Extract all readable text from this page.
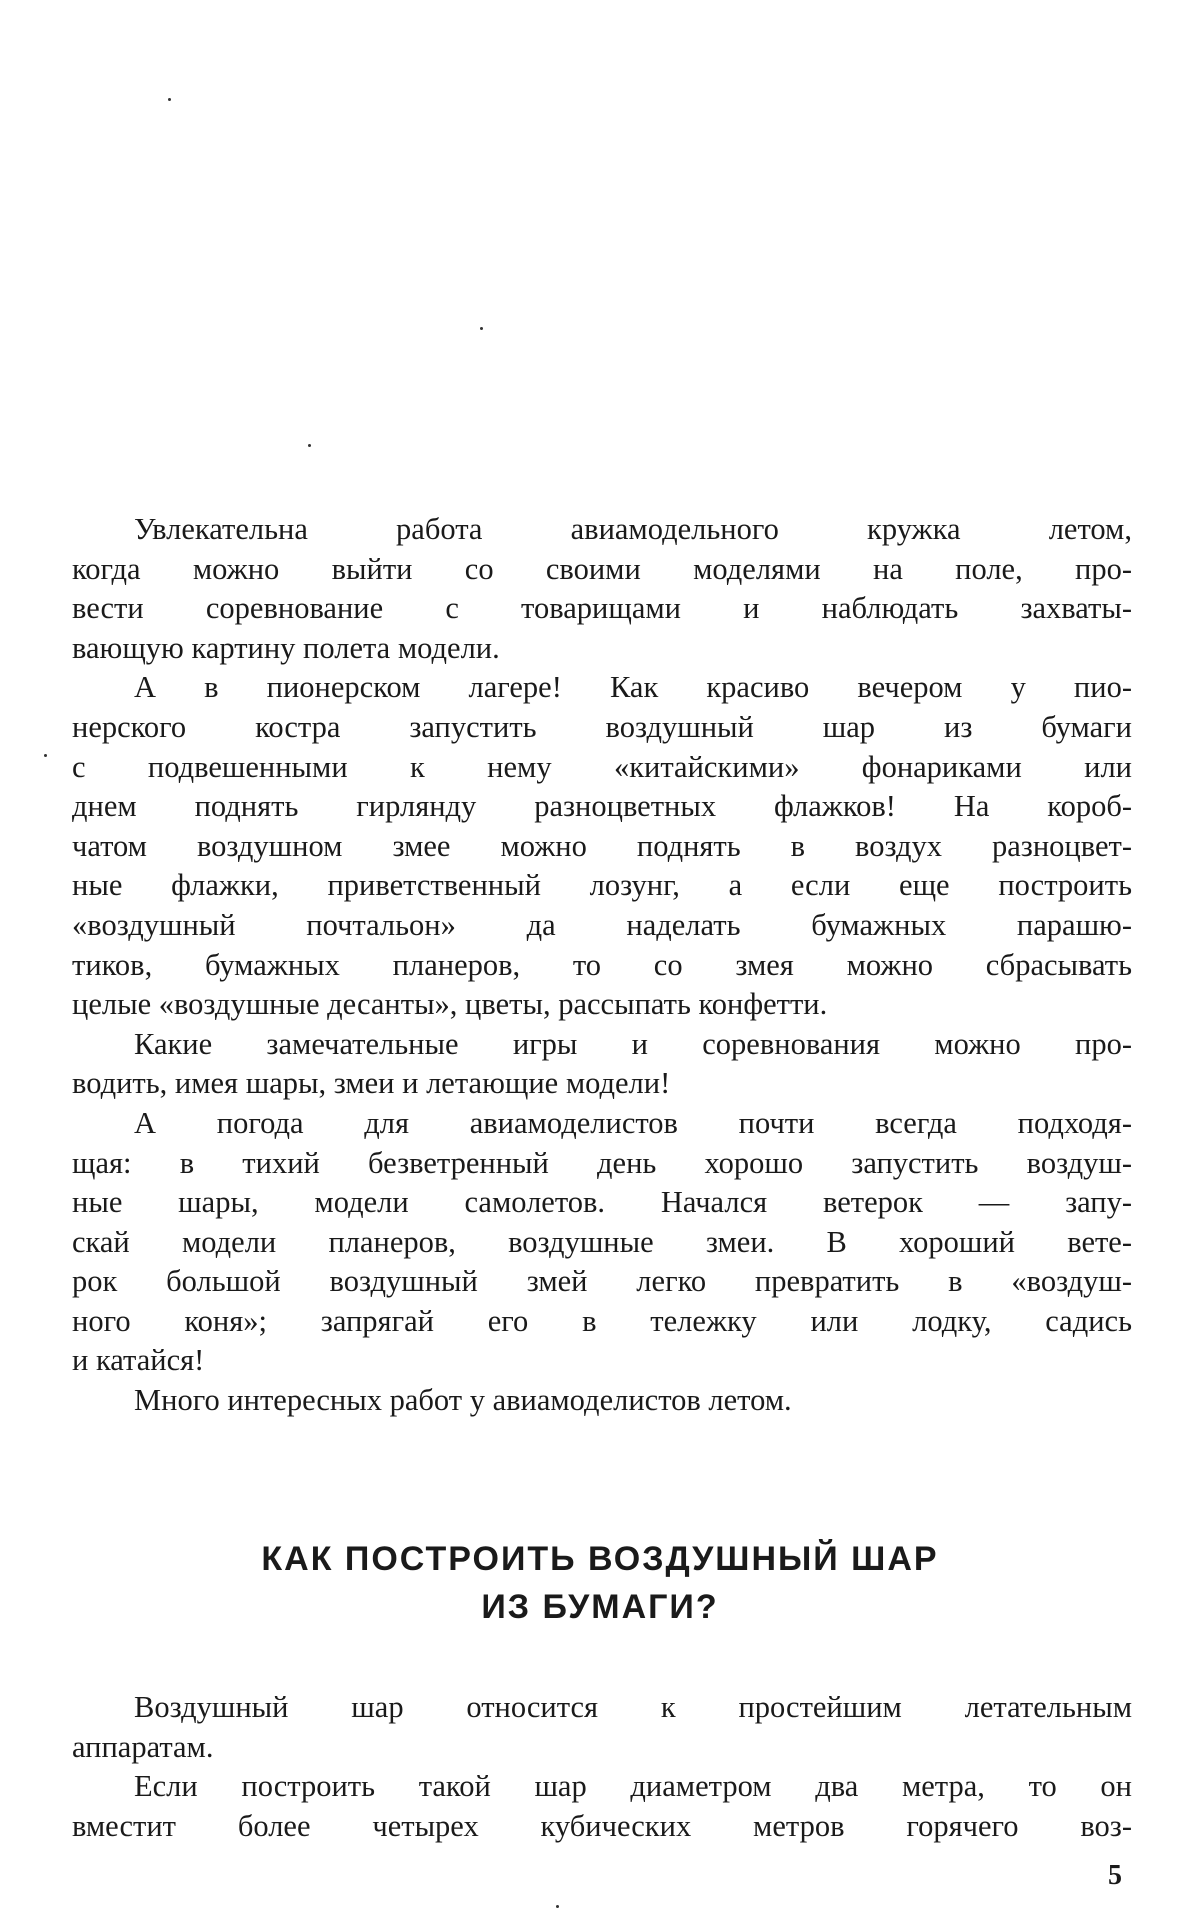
Увлекательна работа авиамодельного кружка летом,
когда можно выйти со своими моделями на поле, про-
вести соревнование с товарищами и наблюдать захваты-
вающую картину полета модели.

А в пионерском лагере! Как красиво вечером у пио-
нерского костра запустить воздушный шар из бумаги
с подвешенными к нему «китайскими» фонариками или
днем поднять гирлянду разноцветных флажков! На короб-
чатом воздушном змее можно поднять в воздух разноцвет-
ные флажки, приветственный лозунг, а если еще построить
«воздушный почтальон» да наделать бумажных парашю-
тиков, бумажных планеров, то со змея можно сбрасывать
целые «воздушные десанты», цветы, рассыпать конфетти.

Какие замечательные игры и соревнования можно про-
водить, имея шары, змеи и летающие модели!

А погода для авиамоделистов почти всегда подходя-
щая: в тихий безветренный день хорошо запустить воздуш-
ные шары, модели самолетов. Начался ветерок — запу-
скай модели планеров, воздушные змеи. В хороший вете-
рок большой воздушный змей легко превратить в «воздуш-
ного коня»; запрягай его в тележку или лодку, садись
и катайся!

Много интересных работ у авиамоделистов летом.

КАК ПОСТРОИТЬ ВОЗДУШНЫЙ ШАР
ИЗ БУМАГИ?

Воздушный шар относится к простейшим летательным
аппаратам.

Если построить такой шар диаметром два метра, то он
вместит более четырех кубических метров горячего воз-

5
